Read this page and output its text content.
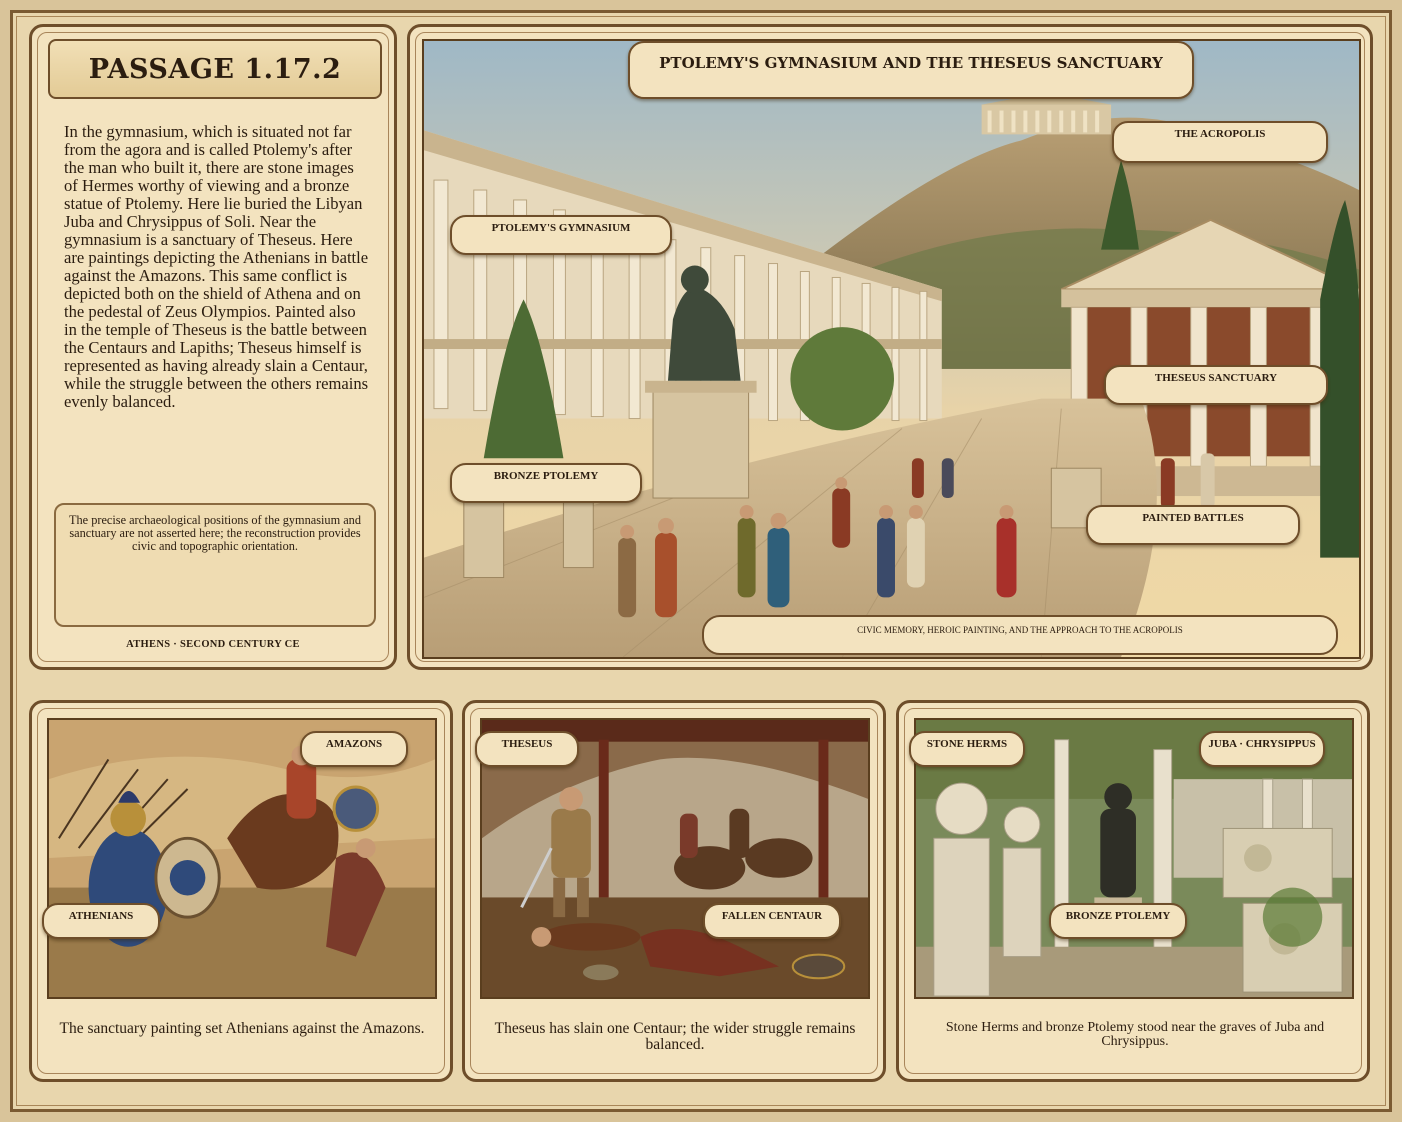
PASSAGE 1.17.2
In the gymnasium, which is situated not far from the agora and is called Ptolemy's after the man who built it, there are stone images of Hermes worthy of viewing and a bronze statue of Ptolemy. Here lie buried the Libyan Juba and Chrysippus of Soli. Near the gymnasium is a sanctuary of Theseus. Here are paintings depicting the Athenians in battle against the Amazons. This same conflict is depicted both on the shield of Athena and on the pedestal of Zeus Olympios. Painted also in the temple of Theseus is the battle between the Centaurs and Lapiths; Theseus himself is represented as having already slain a Centaur, while the struggle between the others remains evenly balanced.
The precise archaeological positions of the gymnasium and sanctuary are not asserted here; the reconstruction provides civic and topographic orientation.
ATHENS · SECOND CENTURY CE
PTOLEMY'S GYMNASIUM AND THE THESEUS SANCTUARY
THE ACROPOLIS
PTOLEMY'S GYMNASIUM
THESEUS SANCTUARY
BRONZE PTOLEMY
PAINTED BATTLES
CIVIC MEMORY, HEROIC PAINTING, AND THE APPROACH TO THE ACROPOLIS
AMAZONS
ATHENIANS
The sanctuary painting set Athenians against the Amazons.
THESEUS
FALLEN CENTAUR
Theseus has slain one Centaur; the wider struggle remains balanced.
STONE HERMS	JUBA · CHRYSIPPUS
BRONZE PTOLEMY
Stone Herms and bronze Ptolemy stood near the graves of Juba and Chrysippus.
